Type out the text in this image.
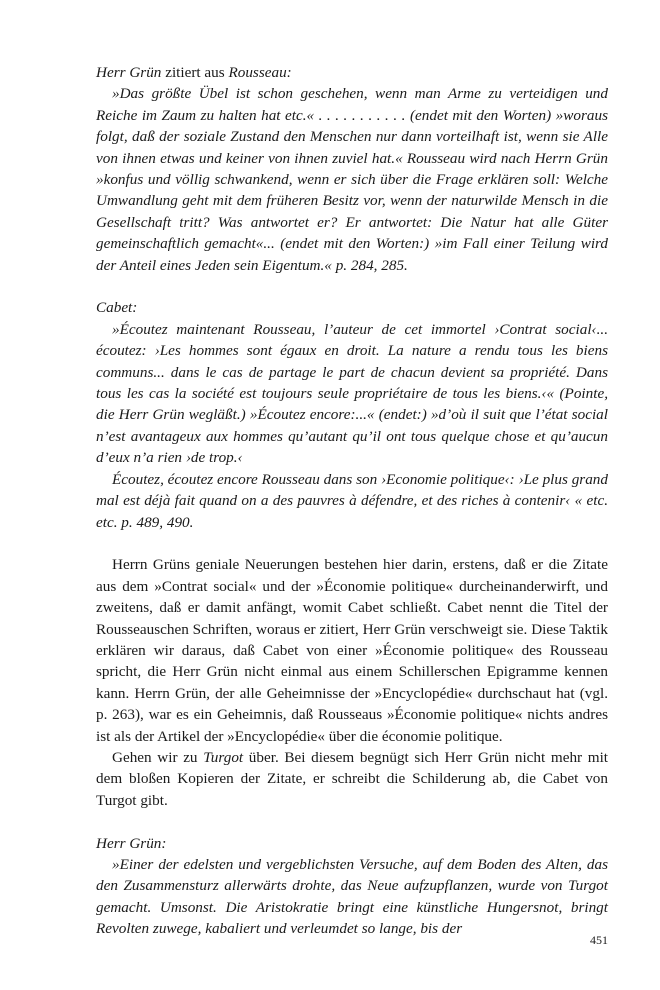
Herr Grün zitiert aus Rousseau:

»Das größte Übel ist schon geschehen, wenn man Arme zu verteidigen und Reiche im Zaum zu halten hat etc.« . . . . . . . . . . . (endet mit den Worten) »woraus folgt, daß der soziale Zustand den Menschen nur dann vorteilhaft ist, wenn sie Alle von ihnen etwas und keiner von ihnen zuviel hat.« Rousseau wird nach Herrn Grün »konfus und völlig schwankend, wenn er sich über die Frage erklären soll: Welche Umwandlung geht mit dem früheren Besitz vor, wenn der naturwilde Mensch in die Gesellschaft tritt? Was antwortet er? Er antwortet: Die Natur hat alle Güter gemeinschaftlich gemacht«... (endet mit den Worten:) »im Fall einer Teilung wird der Anteil eines Jeden sein Eigentum.« p. 284, 285.

Cabet:

»Écoutez maintenant Rousseau, l’auteur de cet immortel ›Contrat social‹... écoutez: ›Les hommes sont égaux en droit. La nature a rendu tous les biens communs... dans le cas de partage le part de chacun devient sa propriété. Dans tous les cas la société est toujours seule propriétaire de tous les biens.‹« (Pointe, die Herr Grün wegläßt.) »Écoutez encore:...« (endet:) »d’où il suit que l’état social n’est avantageux aux hommes qu’autant qu’il ont tous quelque chose et qu’aucun d’eux n’a rien ›de trop.‹

Écoutez, écoutez encore Rousseau dans son ›Economie politique‹: ›Le plus grand mal est déjà fait quand on a des pauvres à défendre, et des riches à contenir‹ « etc. etc. p. 489, 490.

Herrn Grüns geniale Neuerungen bestehen hier darin, erstens, daß er die Zitate aus dem »Contrat social« und der »Économie politique« durcheinanderwirft, und zweitens, daß er damit anfängt, womit Cabet schließt. Cabet nennt die Titel der Rousseauschen Schriften, woraus er zitiert, Herr Grün verschweigt sie. Diese Taktik erklären wir daraus, daß Cabet von einer »Économie politique« des Rousseau spricht, die Herr Grün nicht einmal aus einem Schillerschen Epigramme kennen kann. Herrn Grün, der alle Geheimnisse der »Encyclopédie« durchschaut hat (vgl. p. 263), war es ein Geheimnis, daß Rousseaus »Économie politique« nichts andres ist als der Artikel der »Encyclopédie« über die économie politique.

Gehen wir zu Turgot über. Bei diesem begnügt sich Herr Grün nicht mehr mit dem bloßen Kopieren der Zitate, er schreibt die Schilderung ab, die Cabet von Turgot gibt.

Herr Grün:

»Einer der edelsten und vergeblichsten Versuche, auf dem Boden des Alten, das den Zusammensturz allerwärts drohte, das Neue aufzupflanzen, wurde von Turgot gemacht. Umsonst. Die Aristokratie bringt eine künstliche Hungersnot, bringt Revolten zuwege, kabaliert und verleumdet so lange, bis der

451
